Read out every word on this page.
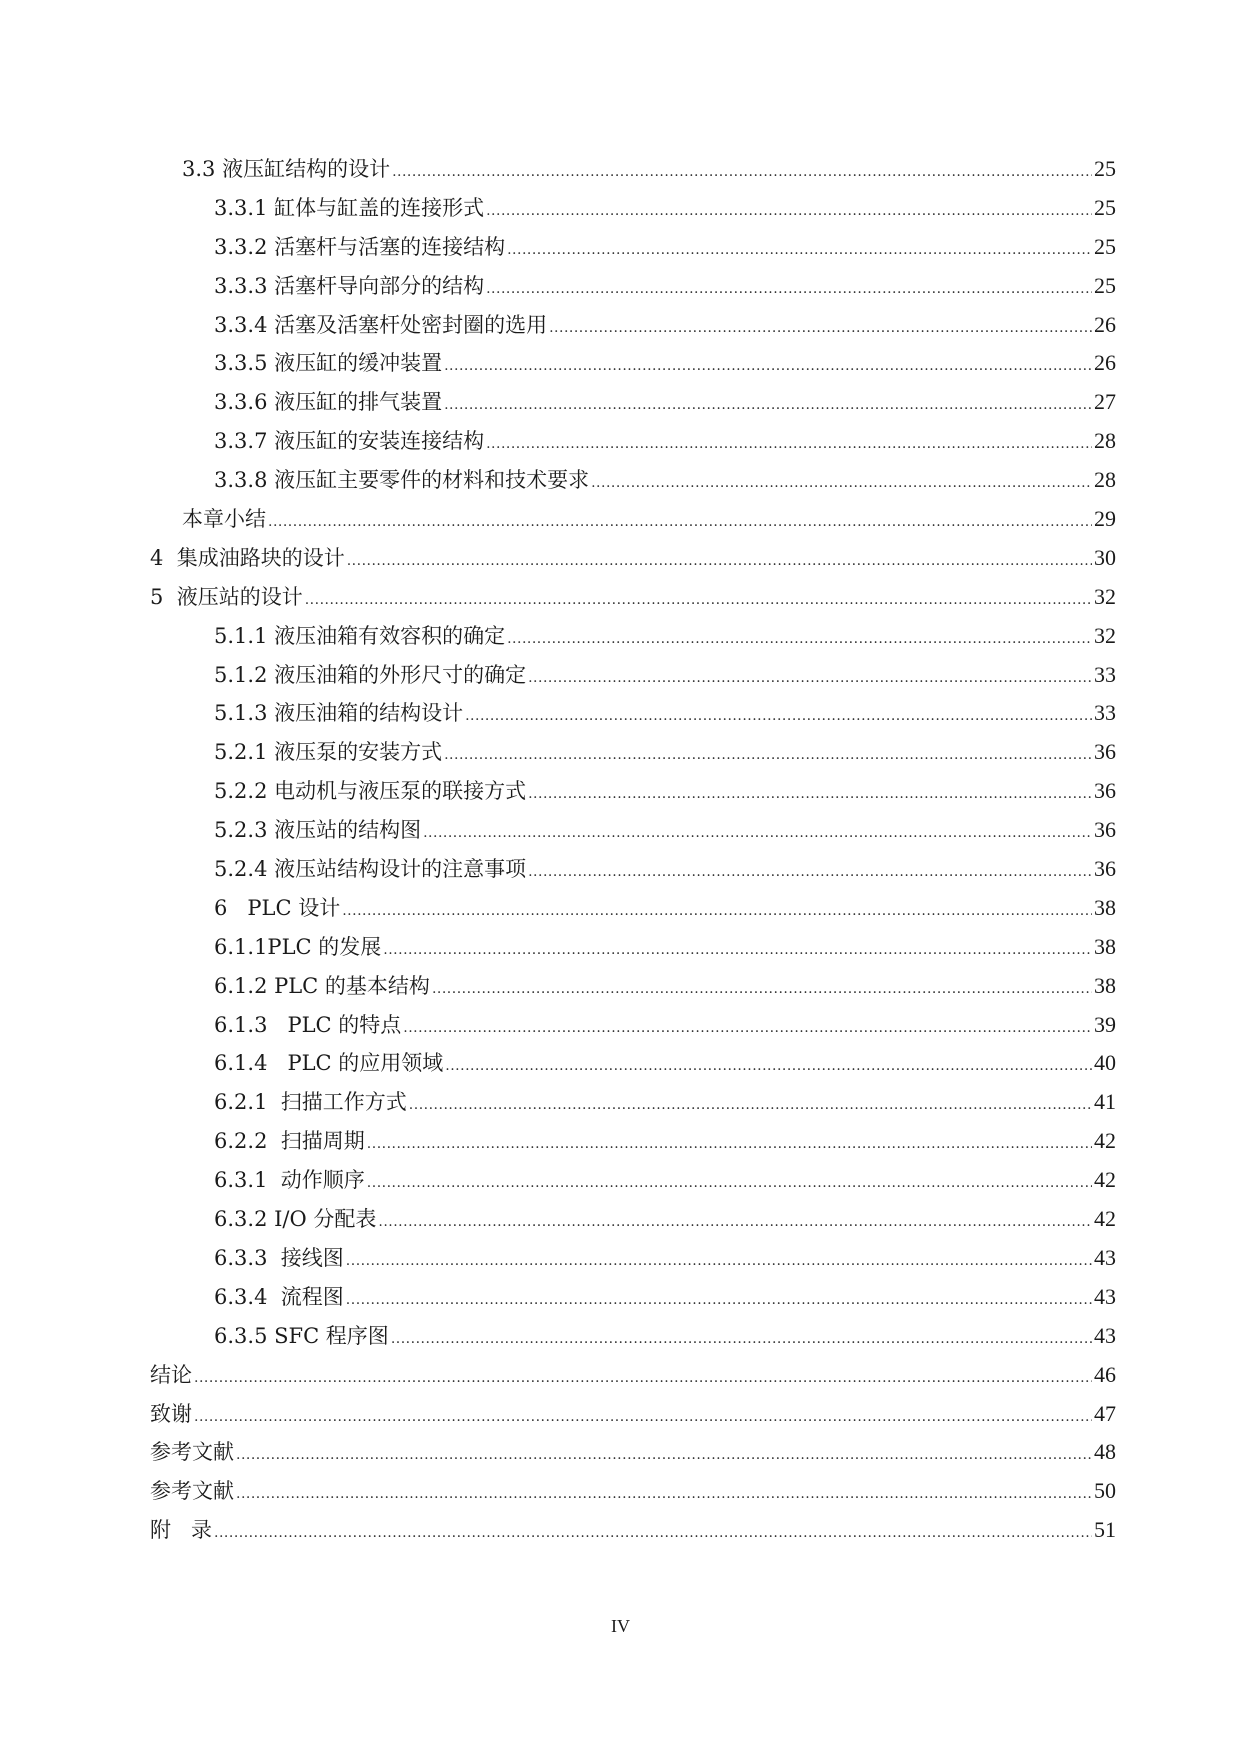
3.3 液压缸结构的设计 .....	25
3.3.1 缸体与缸盖的连接形式 .....	25
3.3.2 活塞杆与活塞的连接结构 .....	25
3.3.3 活塞杆导向部分的结构 .....	25
3.3.4 活塞及活塞杆处密封圈的选用 .....	26
3.3.5 液压缸的缓冲装置 .....	26
3.3.6 液压缸的排气装置 .....	27
3.3.7 液压缸的安装连接结构 .....	28
3.3.8 液压缸主要零件的材料和技术要求 .....	28
本章小结 .....	29
4  集成油路块的设计 .....	30
5  液压站的设计 .....	32
5.1.1 液压油箱有效容积的确定 .....	32
5.1.2 液压油箱的外形尺寸的确定 .....	33
5.1.3 液压油箱的结构设计 .....	33
5.2.1 液压泵的安装方式 .....	36
5.2.2 电动机与液压泵的联接方式 .....	36
5.2.3 液压站的结构图 .....	36
5.2.4 液压站结构设计的注意事项 .....	36
6   PLC 设计 .....	38
6.1.1PLC 的发展 .....	38
6.1.2 PLC 的基本结构 .....	38
6.1.3   PLC 的特点 .....	39
6.1.4   PLC 的应用领域 .....	40
6.2.1  扫描工作方式 .....	41
6.2.2  扫描周期 .....	42
6.3.1  动作顺序 .....	42
6.3.2 I/O 分配表 .....	42
6.3.3  接线图 .....	43
6.3.4  流程图 .....	43
6.3.5 SFC 程序图 .....	43
结论 .....	46
致谢 .....	47
参考文献 .....	48
参考文献 .....	50
附   录 .....	51
IV
